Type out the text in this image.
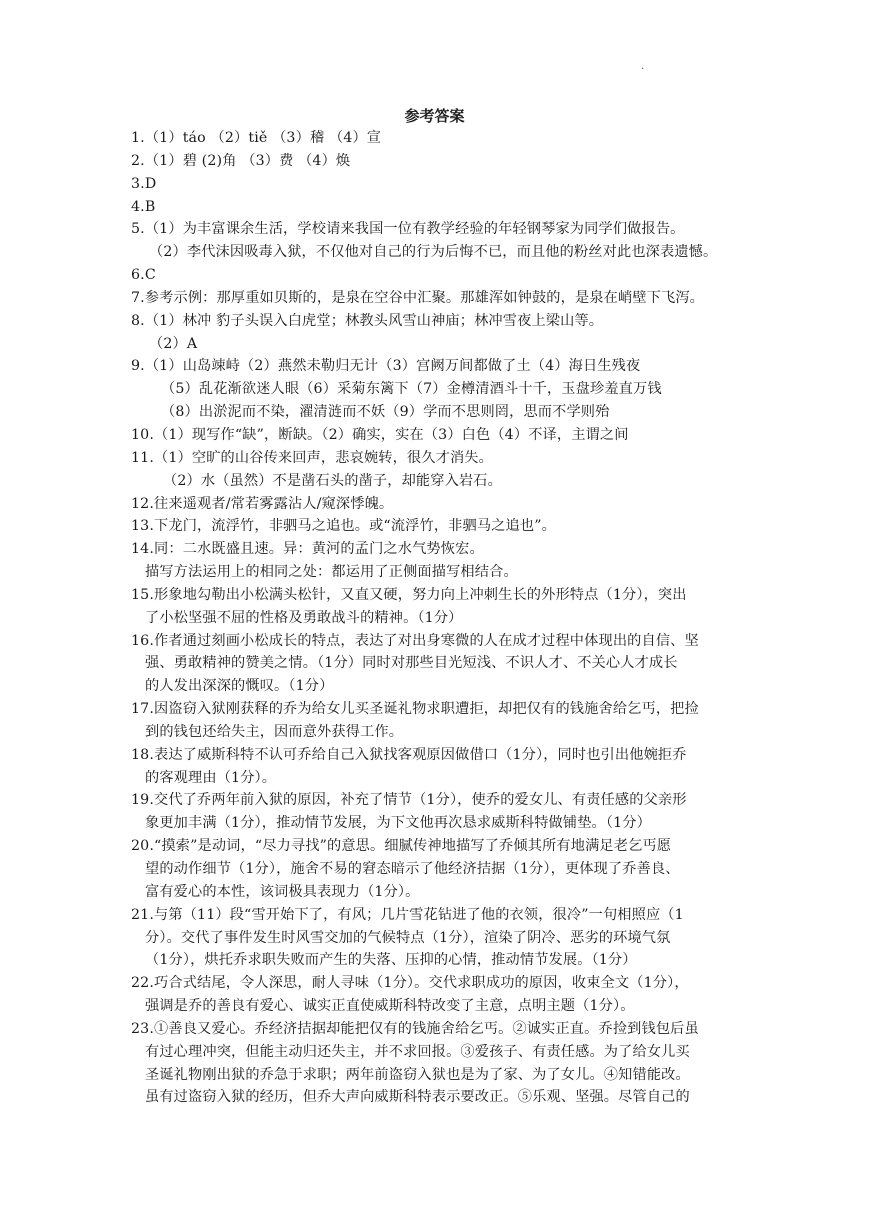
·
参考答案
1.（1）táo （2）tiě （3）稽 （4）宣
2.（1）碧 (2)角 （3）费 （4）焕
3.D
4.B
5.（1）为丰富课余生活，学校请来我国一位有教学经验的年轻钢琴家为同学们做报告。
（2）李代沫因吸毒入狱，不仅他对自己的行为后悔不已，而且他的粉丝对此也深表遗憾。
6.C
7.参考示例：那厚重如贝斯的，是泉在空谷中汇聚。那雄浑如钟鼓的，是泉在峭壁下飞泻。
8.（1）林冲 豹子头误入白虎堂；林教头风雪山神庙；林冲雪夜上梁山等。
（2）A
9.（1）山岛竦峙（2）燕然未勒归无计（3）宫阙万间都做了土（4）海日生残夜
（5）乱花渐欲迷人眼（6）采菊东篱下（7）金樽清酒斗十千，玉盘珍羞直万钱
（8）出淤泥而不染，濯清涟而不妖（9）学而不思则罔，思而不学则殆
10.（1）现写作“缺”，断缺。（2）确实，实在（3）白色（4）不译，主谓之间
11.（1）空旷的山谷传来回声，悲哀婉转，很久才消失。
（2）水（虽然）不是凿石头的凿子，却能穿入岩石。
12.往来遥观者/常若雾露沾人/窥深悸魄。
13.下龙门，流浮竹，非驷马之追也。或“流浮竹，非驷马之追也”。
14.同：二水既盛且速。异：黄河的孟门之水气势恢宏。
描写方法运用上的相同之处：都运用了正侧面描写相结合。
15.形象地勾勒出小松满头松针，又直又硬，努力向上冲刺生长的外形特点（1分），突出
了小松坚强不屈的性格及勇敢战斗的精神。（1分）
16.作者通过刻画小松成长的特点，表达了对出身寒微的人在成才过程中体现出的自信、坚
强、勇敢精神的赞美之情。（1分）同时对那些目光短浅、不识人才、不关心人才成长
的人发出深深的慨叹。（1分）
17.因盗窃入狱刚获释的乔为给女儿买圣诞礼物求职遭拒，却把仅有的钱施舍给乞丐，把捡
到的钱包还给失主，因而意外获得工作。
18.表达了威斯科特不认可乔给自己入狱找客观原因做借口（1分），同时也引出他婉拒乔
的客观理由（1分）。
19.交代了乔两年前入狱的原因，补充了情节（1分），使乔的爱女儿、有责任感的父亲形
象更加丰满（1分），推动情节发展，为下文他再次恳求威斯科特做铺垫。（1分）
20.“摸索”是动词，“尽力寻找”的意思。细腻传神地描写了乔倾其所有地满足老乞丐愿
望的动作细节（1分），施舍不易的窘态暗示了他经济拮据（1分），更体现了乔善良、
富有爱心的本性，该词极具表现力（1分）。
21.与第（11）段“雪开始下了，有风；几片雪花钻进了他的衣领，很冷”一句相照应（1
分）。交代了事件发生时风雪交加的气候特点（1分），渲染了阴冷、恶劣的环境气氛
（1分），烘托乔求职失败而产生的失落、压抑的心情，推动情节发展。（1分）
22.巧合式结尾，令人深思，耐人寻味（1分）。交代求职成功的原因，收束全文（1分），
强调是乔的善良有爱心、诚实正直使威斯科特改变了主意，点明主题（1分）。
23.①善良又爱心。乔经济拮据却能把仅有的钱施舍给乞丐。②诚实正直。乔捡到钱包后虽
有过心理冲突，但能主动归还失主，并不求回报。③爱孩子、有责任感。为了给女儿买
圣诞礼物刚出狱的乔急于求职；两年前盗窃入狱也是为了家、为了女儿。④知错能改。
虽有过盗窃入狱的经历，但乔大声向威斯科特表示要改正。⑤乐观、坚强。尽管自己的
